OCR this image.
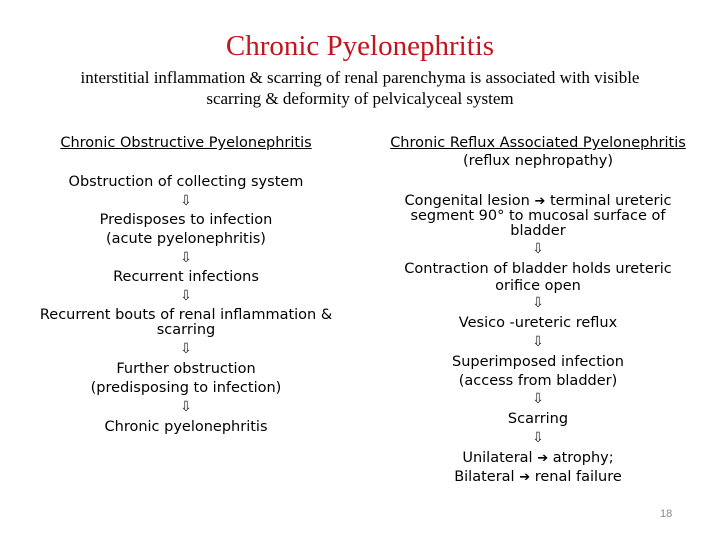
Chronic Pyelonephritis
interstitial inflammation & scarring of renal parenchyma is associated with visible
scarring & deformity of pelvicalyceal system
Chronic Obstructive Pyelonephritis
Obstruction of collecting system
⇩
Predisposes to infection
(acute pyelonephritis)
⇩
Recurrent infections
⇩
Recurrent bouts of renal inflammation &
scarring
⇩
Further obstruction
(predisposing to infection)
⇩
Chronic pyelonephritis
Chronic Reflux Associated Pyelonephritis
(reflux nephropathy)
Congenital lesion ➔ terminal ureteric
segment 90° to mucosal surface of
bladder
⇩
Contraction of bladder holds ureteric
orifice open
⇩
Vesico -ureteric reflux
⇩
Superimposed infection
(access from bladder)
⇩
Scarring
⇩
Unilateral ➔ atrophy;
Bilateral ➔ renal failure
18
